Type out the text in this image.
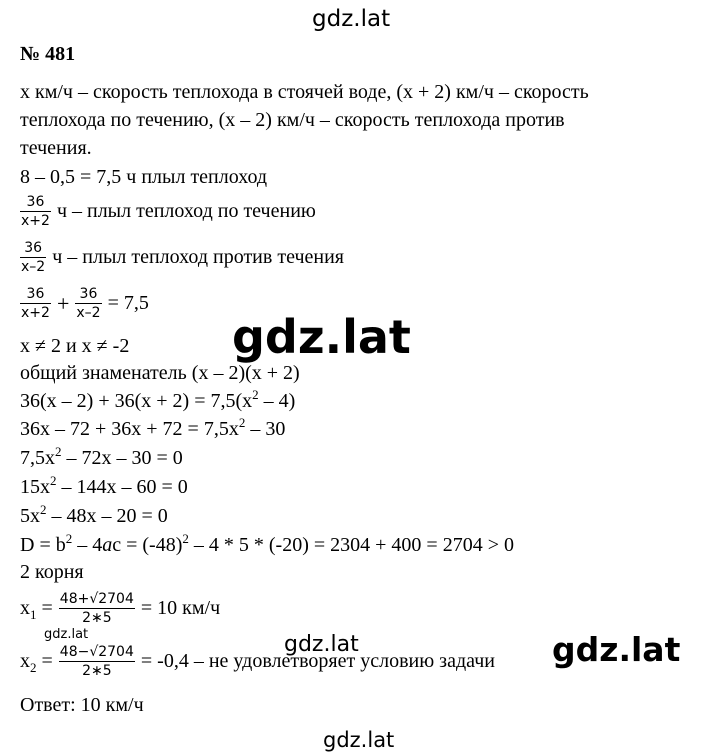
gdz.lat
№ 481
x км/ч – скорость теплохода в стоячей воде, (x + 2) км/ч – скорость
теплохода по течению, (x – 2) км/ч – скорость теплохода против
течения.
8 – 0,5 = 7,5 ч плыл теплоход
$\frac{36}{x+2}$ ч – плыл теплоход по течению
$\frac{36}{x-2}$ ч – плыл теплоход против течения
$\frac{36}{x+2} + \frac{36}{x-2} = 7,5$
gdz.lat
x ≠ 2 и x ≠ -2
общий знаменатель (x – 2)(x + 2)
$36(x - 2) + 36(x + 2) = 7,5(x^2 - 4)$
$36x - 72 + 36x + 72 = 7,5x^2 - 30$
$7,5x^2 - 72x - 30 = 0$
$15x^2 - 144x - 60 = 0$
$5x^2 - 48x - 20 = 0$
$D = b^2 - 4ac = (-48)^2 - 4 * 5 * (-20) = 2304 + 400 = 2704 > 0$
2 корня
$x_1 = \frac{48+√2704}{2∗5} = 10$ км/ч
gdz.lat	gdz.lat	gdz.lat
$x_2 = \frac{48-√2704}{2∗5} = -0,4$ – не удовлетворяет условию задачи
Ответ: 10 км/ч
gdz.lat
